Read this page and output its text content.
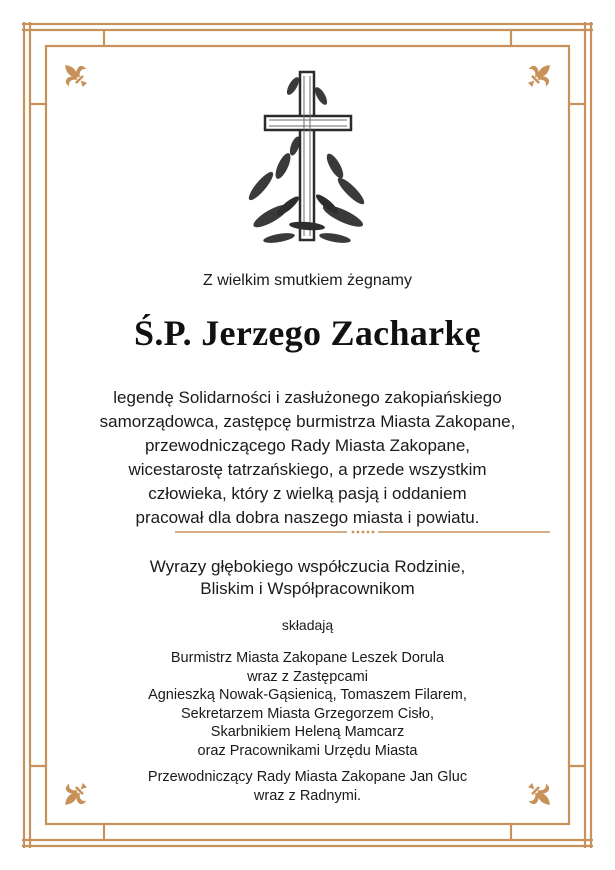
Z wielkim smutkiem żegnamy
Ś.P. Jerzego Zacharkę
legendę Solidarności i zasłużonego zakopiańskiego
samorządowca, zastępcę burmistrza Miasta Zakopane,
przewodniczącego Rady Miasta Zakopane,
wicestarostę tatrzańskiego, a przede wszystkim
człowieka, który z wielką pasją i oddaniem
pracował dla dobra naszego miasta i powiatu.
Wyrazy głębokiego współczucia Rodzinie,
Bliskim i Współpracownikom
składają
Burmistrz Miasta Zakopane Leszek Dorula
wraz z Zastępcami
Agnieszką Nowak-Gąsienicą, Tomaszem Filarem,
Sekretarzem Miasta Grzegorzem Cisło,
Skarbnikiem Heleną Mamcarz
oraz Pracownikami Urzędu Miasta
Przewodniczący Rady Miasta Zakopane Jan Gluc
wraz z Radnymi.
